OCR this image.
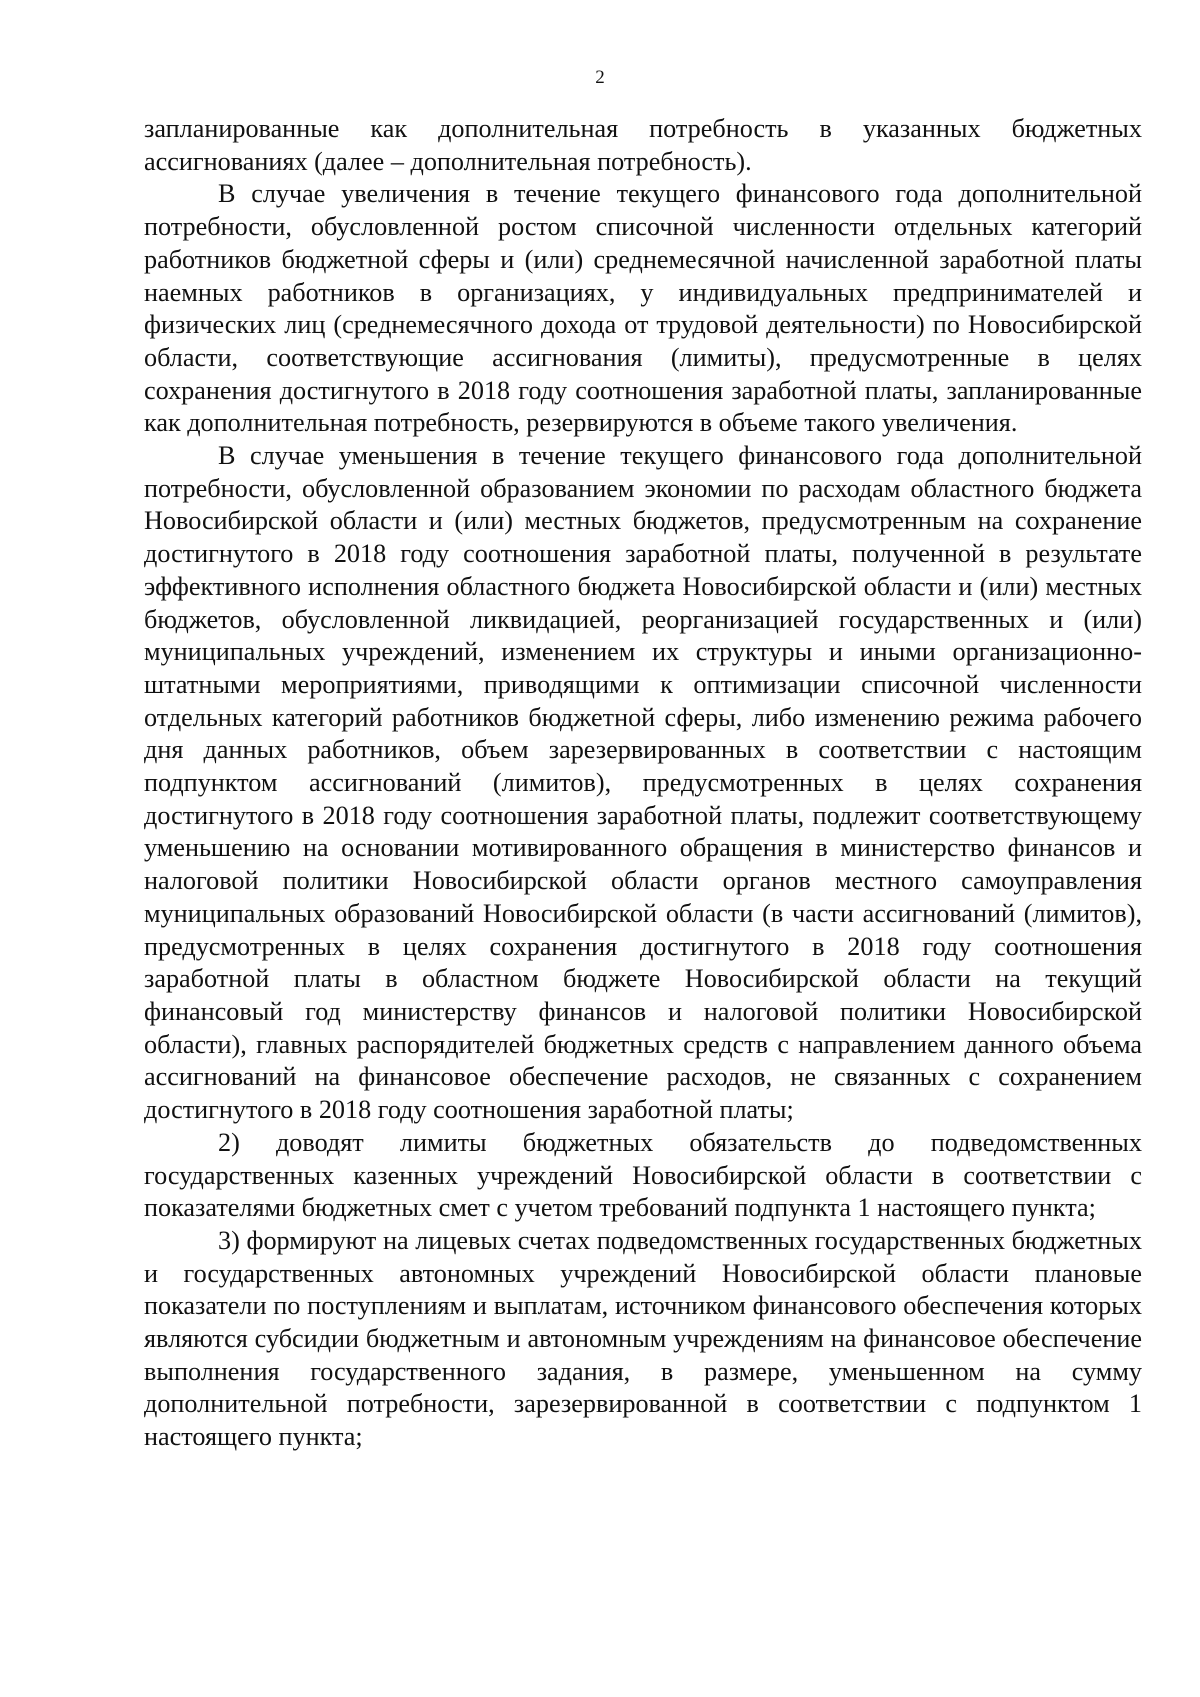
2

запланированные как дополнительная потребность в указанных бюджетных ассигнованиях (далее – дополнительная потребность).

В случае увеличения в течение текущего финансового года дополнительной потребности, обусловленной ростом списочной численности отдельных категорий работников бюджетной сферы и (или) среднемесячной начисленной заработной платы наемных работников в организациях, у индивидуальных предпринимателей и физических лиц (среднемесячного дохода от трудовой деятельности) по Новосибирской области, соответствующие ассигнования (лимиты), предусмотренные в целях сохранения достигнутого в 2018 году соотношения заработной платы, запланированные как дополнительная потребность, резервируются в объеме такого увеличения.

В случае уменьшения в течение текущего финансового года дополнительной потребности, обусловленной образованием экономии по расходам областного бюджета Новосибирской области и (или) местных бюджетов, предусмотренным на сохранение достигнутого в 2018 году соотношения заработной платы, полученной в результате эффективного исполнения областного бюджета Новосибирской области и (или) местных бюджетов, обусловленной ликвидацией, реорганизацией государственных и (или) муниципальных учреждений, изменением их структуры и иными организационно-штатными мероприятиями, приводящими к оптимизации списочной численности отдельных категорий работников бюджетной сферы, либо изменению режима рабочего дня данных работников, объем зарезервированных в соответствии с настоящим подпунктом ассигнований (лимитов), предусмотренных в целях сохранения достигнутого в 2018 году соотношения заработной платы, подлежит соответствующему уменьшению на основании мотивированного обращения в министерство финансов и налоговой политики Новосибирской области органов местного самоуправления муниципальных образований Новосибирской области (в части ассигнований (лимитов), предусмотренных в целях сохранения достигнутого в 2018 году соотношения заработной платы в областном бюджете Новосибирской области на текущий финансовый год министерству финансов и налоговой политики Новосибирской области), главных распорядителей бюджетных средств с направлением данного объема ассигнований на финансовое обеспечение расходов, не связанных с сохранением достигнутого в 2018 году соотношения заработной платы;

2) доводят лимиты бюджетных обязательств до подведомственных государственных казенных учреждений Новосибирской области в соответствии с показателями бюджетных смет с учетом требований подпункта 1 настоящего пункта;

3) формируют на лицевых счетах подведомственных государственных бюджетных и государственных автономных учреждений Новосибирской области плановые показатели по поступлениям и выплатам, источником финансового обеспечения которых являются субсидии бюджетным и автономным учреждениям на финансовое обеспечение выполнения государственного задания, в размере, уменьшенном на сумму дополнительной потребности, зарезервированной в соответствии с подпунктом 1 настоящего пункта;
